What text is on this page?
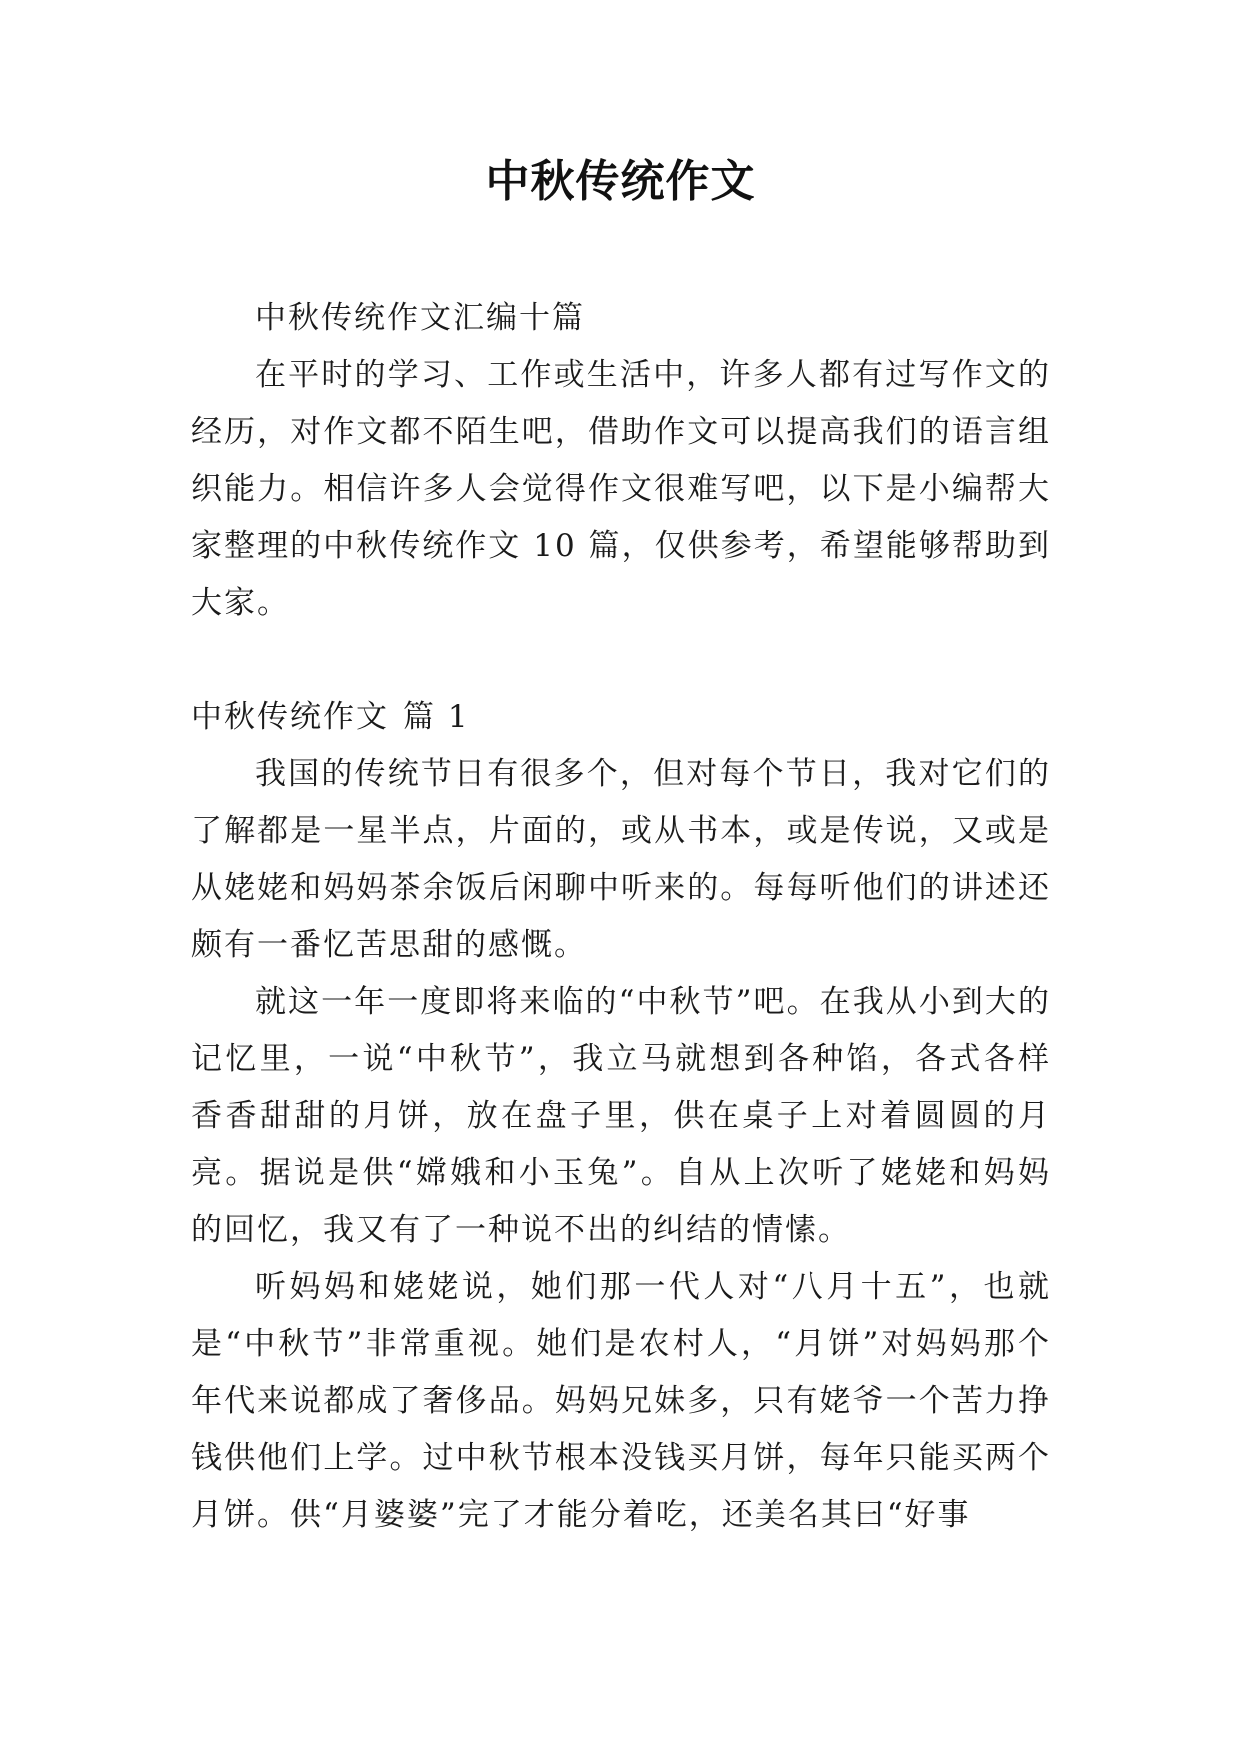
中秋传统作文

中秋传统作文汇编十篇

在平时的学习、工作或生活中，许多人都有过写作文的经历，对作文都不陌生吧，借助作文可以提高我们的语言组织能力。相信许多人会觉得作文很难写吧，以下是小编帮大家整理的中秋传统作文 10 篇，仅供参考，希望能够帮助到大家。

中秋传统作文 篇 1

我国的传统节日有很多个，但对每个节日，我对它们的了解都是一星半点，片面的，或从书本，或是传说，又或是从姥姥和妈妈茶余饭后闲聊中听来的。每每听他们的讲述还颇有一番忆苦思甜的感慨。

就这一年一度即将来临的“中秋节”吧。在我从小到大的记忆里，一说“中秋节”，我立马就想到各种馅，各式各样香香甜甜的月饼，放在盘子里，供在桌子上对着圆圆的月亮。据说是供“嫦娥和小玉兔”。自从上次听了姥姥和妈妈的回忆，我又有了一种说不出的纠结的情愫。

听妈妈和姥姥说，她们那一代人对“八月十五”，也就是“中秋节”非常重视。她们是农村人，“月饼”对妈妈那个年代来说都成了奢侈品。妈妈兄妹多，只有姥爷一个苦力挣钱供他们上学。过中秋节根本没钱买月饼，每年只能买两个月饼。供“月婆婆”完了才能分着吃，还美名其曰“好事
